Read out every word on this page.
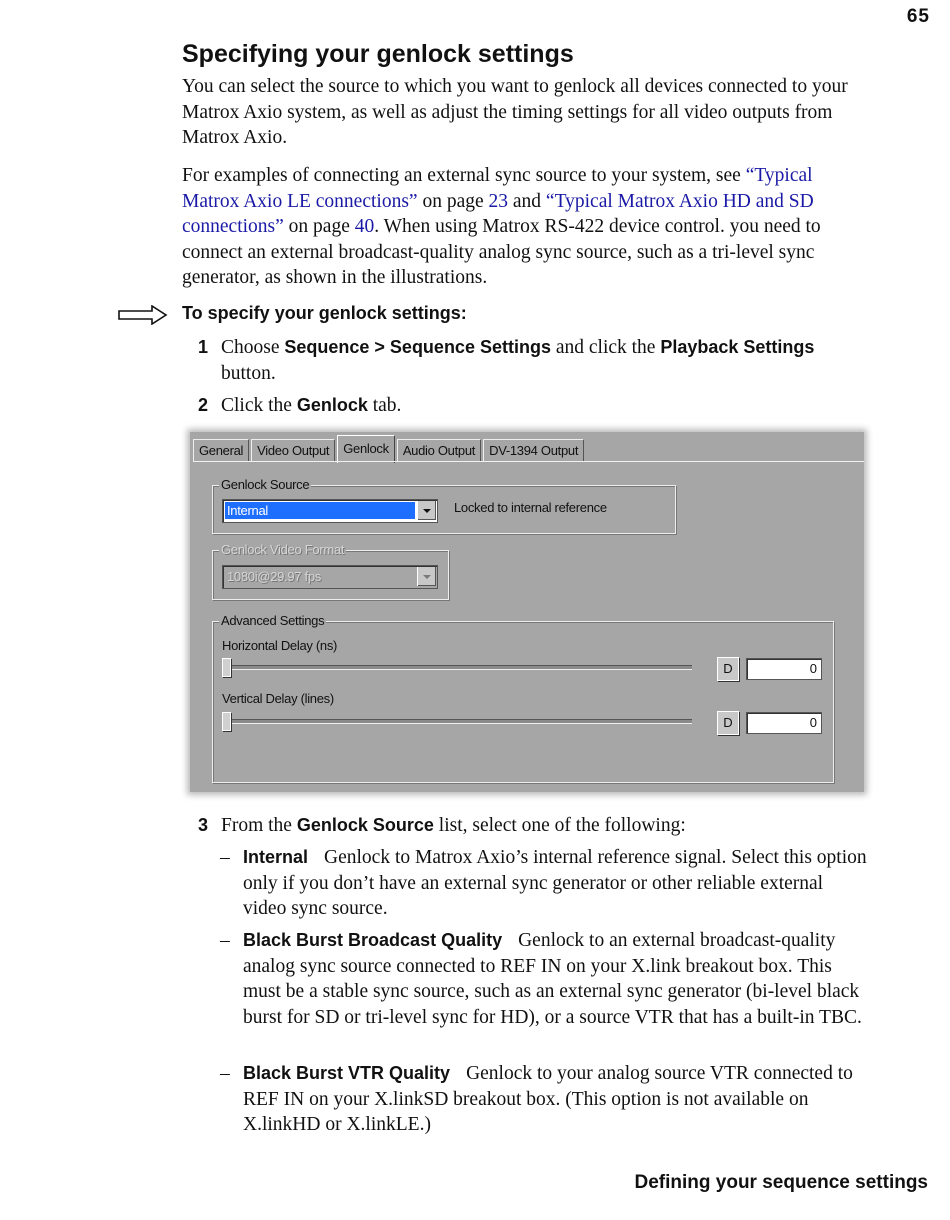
65
Specifying your genlock settings

You can select the source to which you want to genlock all devices connected to your Matrox Axio system, as well as adjust the timing settings for all video outputs from Matrox Axio.

For examples of connecting an external sync source to your system, see “Typical Matrox Axio LE connections” on page 23 and “Typical Matrox Axio HD and SD connections” on page 40. When using Matrox RS-422 device control. you need to connect an external broadcast-quality analog sync source, such as a tri-level sync generator, as shown in the illustrations.

To specify your genlock settings:
1 Choose Sequence > Sequence Settings and click the Playback Settings button.
2 Click the Genlock tab.
General	Video Output	Genlock	Audio Output	DV-1394 Output
Genlock Source
Internal	Locked to internal reference
Genlock Video Format
1080i@29.97 fps
Advanced Settings
Horizontal Delay (ns)
D	0
Vertical Delay (lines)
D	0
3 From the Genlock Source list, select one of the following:
– Internal Genlock to Matrox Axio’s internal reference signal. Select this option only if you don’t have an external sync generator or other reliable external video sync source.
– Black Burst Broadcast Quality Genlock to an external broadcast-quality analog sync source connected to REF IN on your X.link breakout box. This must be a stable sync source, such as an external sync generator (bi-level black burst for SD or tri-level sync for HD), or a source VTR that has a built-in TBC.
– Black Burst VTR Quality Genlock to your analog source VTR connected to REF IN on your X.linkSD breakout box. (This option is not available on X.linkHD or X.linkLE.)
Defining your sequence settings
